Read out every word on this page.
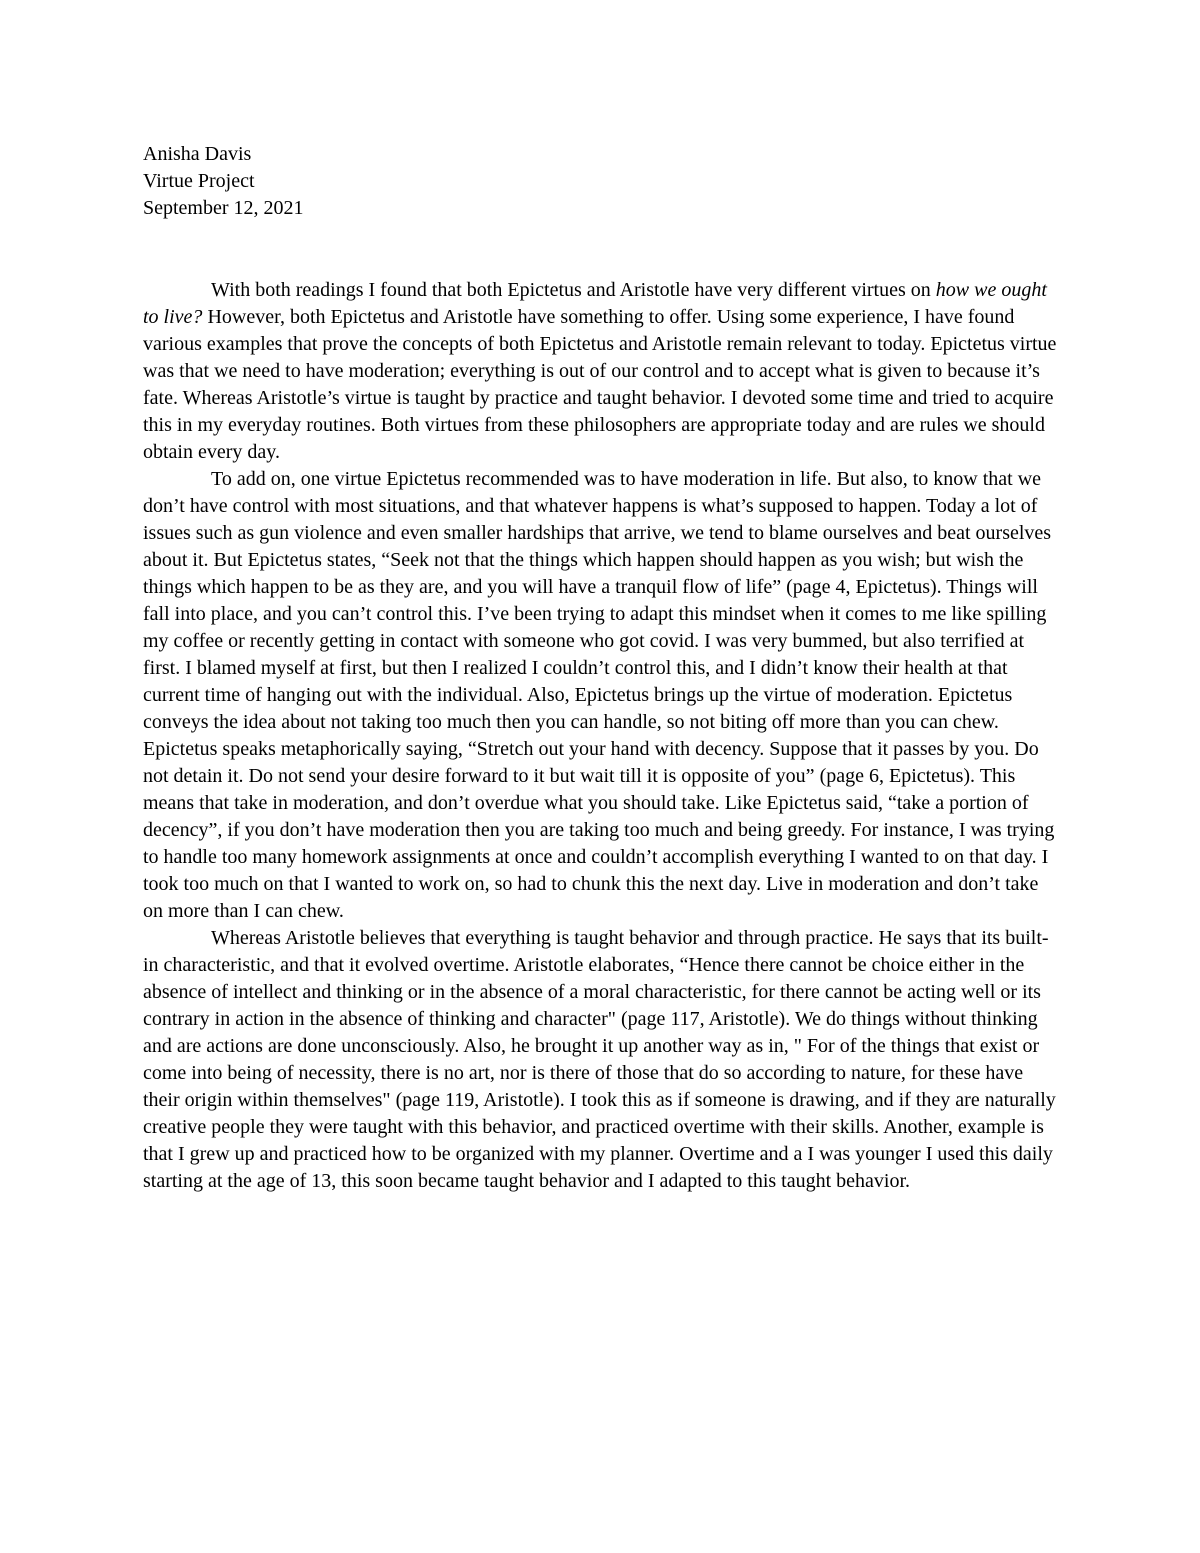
Anisha Davis
Virtue Project
September 12, 2021

With both readings I found that both Epictetus and Aristotle have very different virtues on how we ought to live? However, both Epictetus and Aristotle have something to offer. Using some experience, I have found various examples that prove the concepts of both Epictetus and Aristotle remain relevant to today. Epictetus virtue was that we need to have moderation; everything is out of our control and to accept what is given to because it’s fate. Whereas Aristotle’s virtue is taught by practice and taught behavior. I devoted some time and tried to acquire this in my everyday routines. Both virtues from these philosophers are appropriate today and are rules we should obtain every day.

To add on, one virtue Epictetus recommended was to have moderation in life. But also, to know that we don’t have control with most situations, and that whatever happens is what’s supposed to happen. Today a lot of issues such as gun violence and even smaller hardships that arrive, we tend to blame ourselves and beat ourselves about it. But Epictetus states, “Seek not that the things which happen should happen as you wish; but wish the things which happen to be as they are, and you will have a tranquil flow of life” (page 4, Epictetus). Things will fall into place, and you can’t control this. I’ve been trying to adapt this mindset when it comes to me like spilling my coffee or recently getting in contact with someone who got covid. I was very bummed, but also terrified at first. I blamed myself at first, but then I realized I couldn’t control this, and I didn’t know their health at that current time of hanging out with the individual. Also, Epictetus brings up the virtue of moderation. Epictetus conveys the idea about not taking too much then you can handle, so not biting off more than you can chew. Epictetus speaks metaphorically saying, “Stretch out your hand with decency. Suppose that it passes by you. Do not detain it. Do not send your desire forward to it but wait till it is opposite of you” (page 6, Epictetus). This means that take in moderation, and don’t overdue what you should take. Like Epictetus said, “take a portion of decency”, if you don’t have moderation then you are taking too much and being greedy. For instance, I was trying to handle too many homework assignments at once and couldn’t accomplish everything I wanted to on that day. I took too much on that I wanted to work on, so had to chunk this the next day. Live in moderation and don’t take on more than I can chew.

Whereas Aristotle believes that everything is taught behavior and through practice. He says that its built-in characteristic, and that it evolved overtime. Aristotle elaborates, “Hence there cannot be choice either in the absence of intellect and thinking or in the absence of a moral characteristic, for there cannot be acting well or its contrary in action in the absence of thinking and character" (page 117, Aristotle). We do things without thinking and are actions are done unconsciously. Also, he brought it up another way as in, " For of the things that exist or come into being of necessity, there is no art, nor is there of those that do so according to nature, for these have their origin within themselves" (page 119, Aristotle). I took this as if someone is drawing, and if they are naturally creative people they were taught with this behavior, and practiced overtime with their skills. Another, example is that I grew up and practiced how to be organized with my planner. Overtime and a I was younger I used this daily starting at the age of 13, this soon became taught behavior and I adapted to this taught behavior.
